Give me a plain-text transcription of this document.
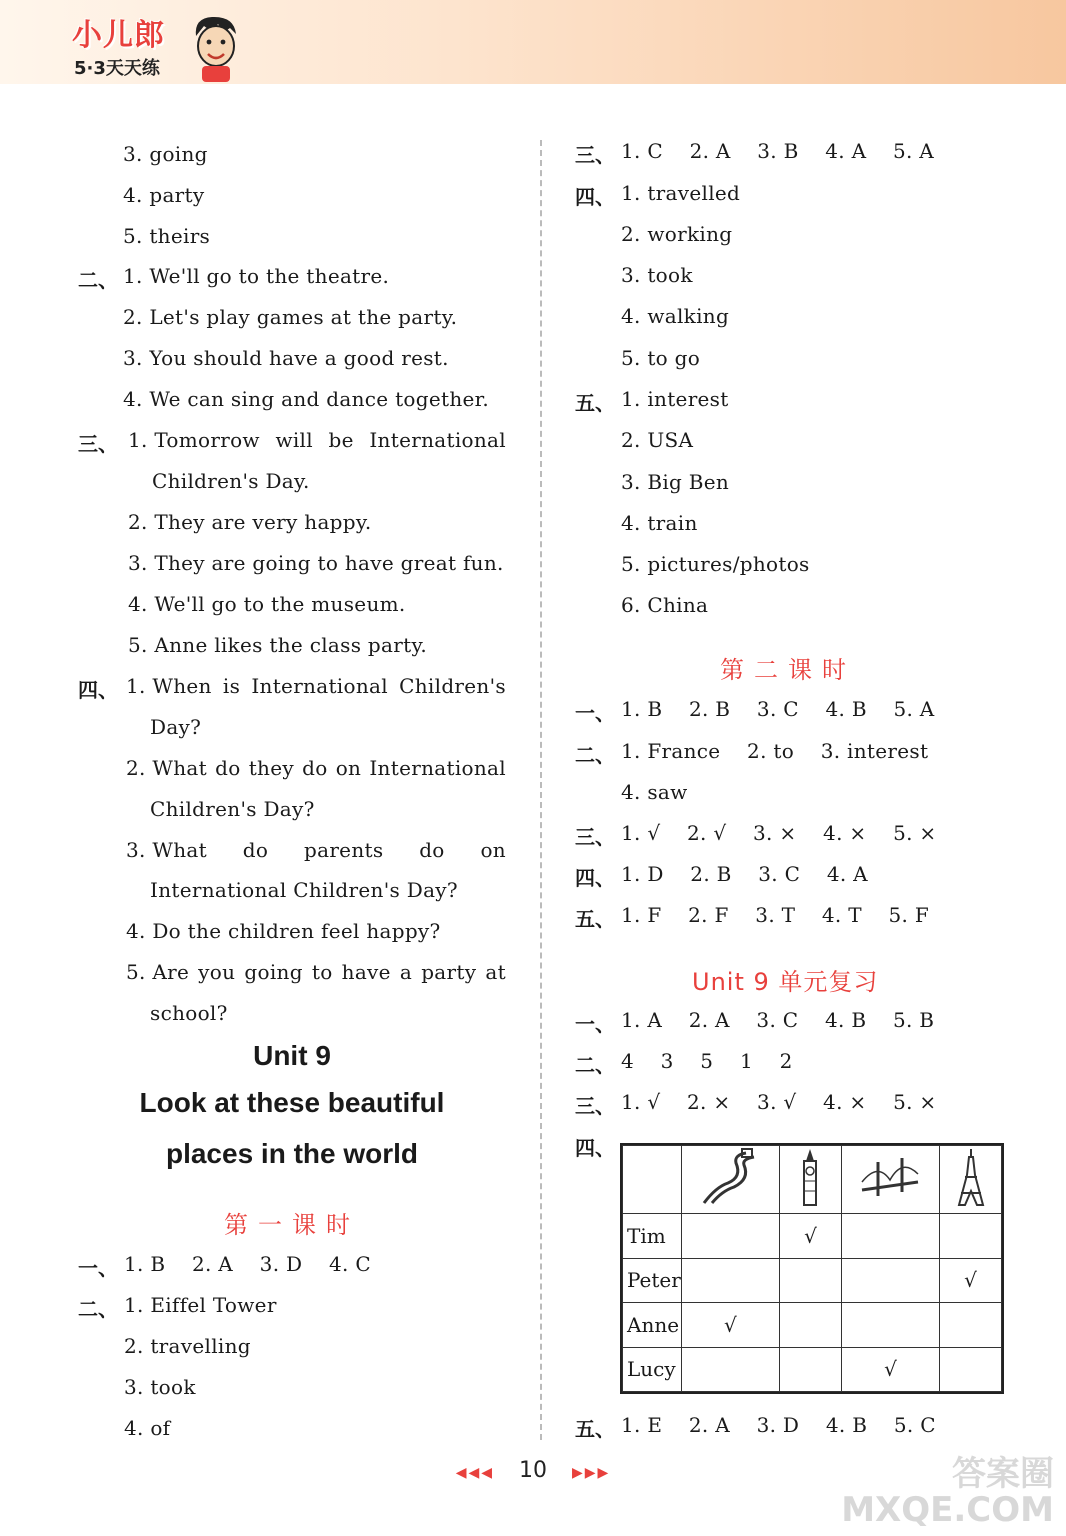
小儿郎
5·3天天练
3. going
4. party
5. theirs
二、 1. We'll go to the theatre.
2. Let's play games at the party.
3. You should have a good rest.
4. We can sing and dance together.
三、 1. Tomorrow will be International
Children's Day.
2. They are very happy.
3. They are going to have great fun.
4. We'll go to the museum.
5. Anne likes the class party.
四、 1. When is International Children's
Day?
2. What do they do on International
Children's Day?
3. What do parents do on
International Children's Day?
4. Do the children feel happy?
5. Are you going to have a party at
school?
Unit 9
Look at these beautiful
places in the world
第一课时
一、 1. B    2. A    3. D    4. C
二、 1. Eiffel Tower
2. travelling
3. took
4. of
三、 1. C    2. A    3. B    4. A    5. A
四、 1. travelled
2. working
3. took
4. walking
5. to go
五、 1. interest
2. USA
3. Big Ben
4. train
5. pictures/photos
6. China
第二课时
一、 1. B    2. B    3. C    4. B    5. A
二、 1. France    2. to    3. interest
4. saw
三、 1. √    2. √    3. ×    4. ×    5. ×
四、 1. D    2. B    3. C    4. A
五、 1. F    2. F    3. T    4. T    5. F
Unit 9 单元复习
一、 1. A    2. A    3. C    4. B    5. B
二、 4    3    5    1    2
三、 1. √    2. ×    3. √    4. ×    5. ×
四、

Tim		√		
Peter				√
Anne	√			
Lucy			√	
五、 1. E    2. A    3. D    4. B    5. C
◀◀◀ 10 ▶▶▶	答案圈
MXQE.COM
